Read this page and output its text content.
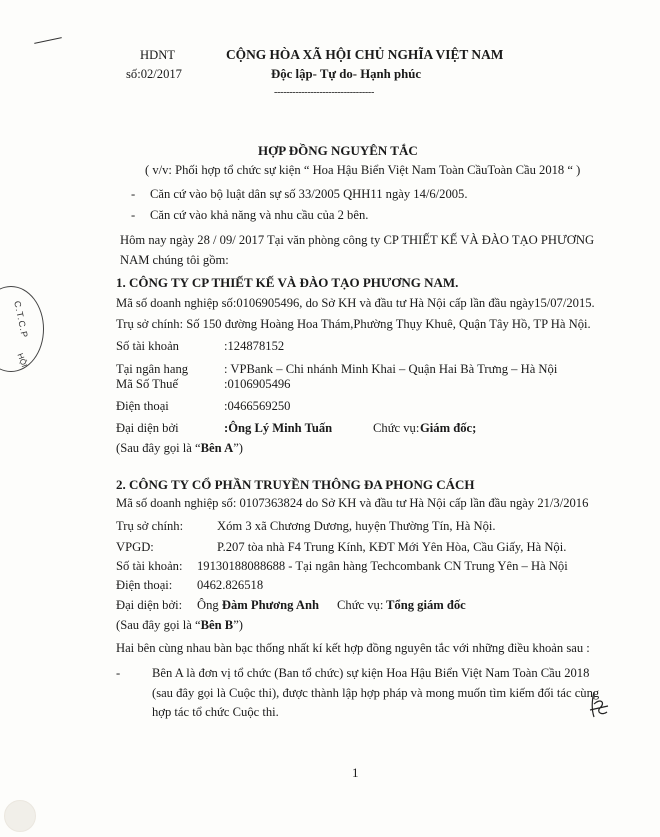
C.T.C.P
HỘI
HDNT
số:02/2017
CỘNG HÒA XÃ HỘI CHỦ NGHĨA VIỆT NAM
Độc lập- Tự do- Hạnh phúc
---------------------------------
HỢP ĐỒNG NGUYÊN TẮC
( v/v: Phối hợp tổ chức sự kiện “ Hoa Hậu Biển Việt Nam Toàn CầuToàn Cầu 2018 “ )
- Căn cứ vào bộ luật dân sự số 33/2005 QHH11 ngày 14/6/2005.
- Căn cứ vào khả năng và nhu cầu của 2 bên.
Hôm nay ngày 28 / 09/ 2017 Tại văn phòng công ty CP THIẾT KẾ VÀ ĐÀO TẠO PHƯƠNG
NAM chúng tôi gồm:
1. CÔNG TY CP THIẾT KẾ VÀ ĐÀO TẠO PHƯƠNG NAM.
Mã số doanh nghiệp số:0106905496, do Sở KH và đầu tư Hà Nội cấp lần đầu ngày15/07/2015.
Trụ sở chính: Số 150 đường Hoàng Hoa Thám,Phường Thụy Khuê, Quận Tây Hồ, TP Hà Nội.
Số tài khoản	:124878152
Tại ngân hang	: VPBank – Chi nhánh Minh Khai – Quận Hai Bà Trưng – Hà Nội
Mã Số Thuế	:0106905496
Điện thoại	:0466569250
Đại diện bởi	:Ông Lý Minh Tuấn	Chức vụ: Giám đốc;
(Sau đây gọi là “Bên A”)
2. CÔNG TY CỔ PHẦN TRUYỀN THÔNG ĐA PHONG CÁCH
Mã số doanh nghiệp số: 0107363824 do Sở KH và đầu tư Hà Nội cấp lần đầu ngày 21/3/2016
Trụ sở chính:	Xóm 3 xã Chương Dương, huyện Thường Tín, Hà Nội.
VPGD:	P.207 tòa nhà F4 Trung Kính, KĐT Mới Yên Hòa, Cầu Giấy, Hà Nội.
Số tài khoản: 19130188088688 - Tại ngân hàng Techcombank CN Trung Yên – Hà Nội
Điện thoại: 0462.826518
Đại diện bởi: Ông Đàm Phương Anh Chức vụ: Tổng giám đốc
(Sau đây gọi là “Bên B”)
Hai bên cùng nhau bàn bạc thống nhất kí kết hợp đồng nguyên tắc với những điều khoản sau :
-	Bên A là đơn vị tổ chức (Ban tổ chức) sự kiện Hoa Hậu Biển Việt Nam Toàn Cầu 2018
(sau đây gọi là Cuộc thi), được thành lập hợp pháp và mong muốn tìm kiếm đối tác cùng
hợp tác tổ chức Cuộc thi.
1
